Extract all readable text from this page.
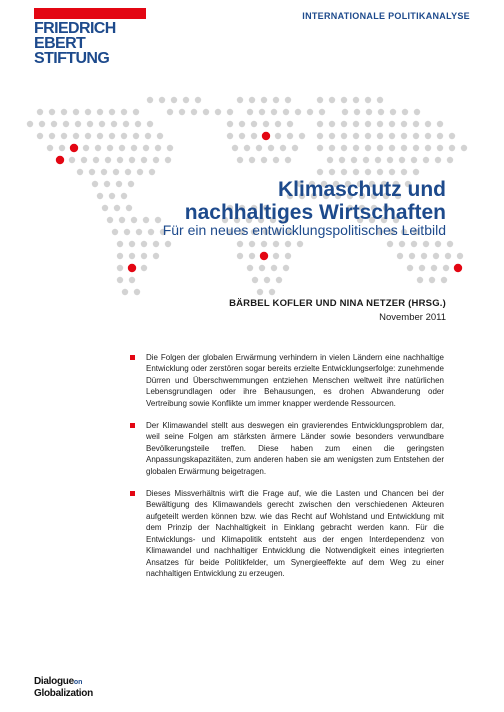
FRIEDRICH
EBERT
STIFTUNG
INTERNATIONALE POLITIKANALYSE
Klimaschutz und
nachhaltiges Wirtschaften

Für ein neues entwicklungspolitisches Leitbild

BÄRBEL KOFLER UND NINA NETZER (HRSG.)
November 2011
Die Folgen der globalen Erwärmung verhindern in vielen Ländern eine nachhaltige Entwicklung oder zerstören sogar bereits erzielte Entwicklungserfolge: zunehmende Dürren und Überschwemmungen entziehen Menschen weltweit ihre natürlichen Lebensgrundlagen oder ihre Behausungen, es drohen Abwanderung oder Vertreibung sowie Konflikte um immer knapper werdende Ressourcen.
Der Klimawandel stellt aus deswegen ein gravierendes Entwicklungsproblem dar, weil seine Folgen am stärksten ärmere Länder sowie besonders verwundbare Bevölkerungsteile treffen. Diese haben zum einen die geringsten Anpassungskapazitäten, zum anderen haben sie am wenigsten zum Entstehen der globalen Erwärmung beigetragen.
Dieses Missverhältnis wirft die Frage auf, wie die Lasten und Chancen bei der Bewältigung des Klimawandels gerecht zwischen den verschiedenen Akteuren aufgeteilt werden können bzw. wie das Recht auf Wohlstand und Entwicklung mit dem Prinzip der Nachhaltigkeit in Einklang gebracht werden kann. Für die Entwicklungs- und Klimapolitik entsteht aus der engen Interdependenz von Klimawandel und nachhaltiger Entwicklung die Notwendigkeit eines integrierten Ansatzes für beide Politikfelder, um Synergieeffekte auf dem Weg zu einer nachhaltigen Entwicklung zu erzeugen.
Dialogueon
Globalization
